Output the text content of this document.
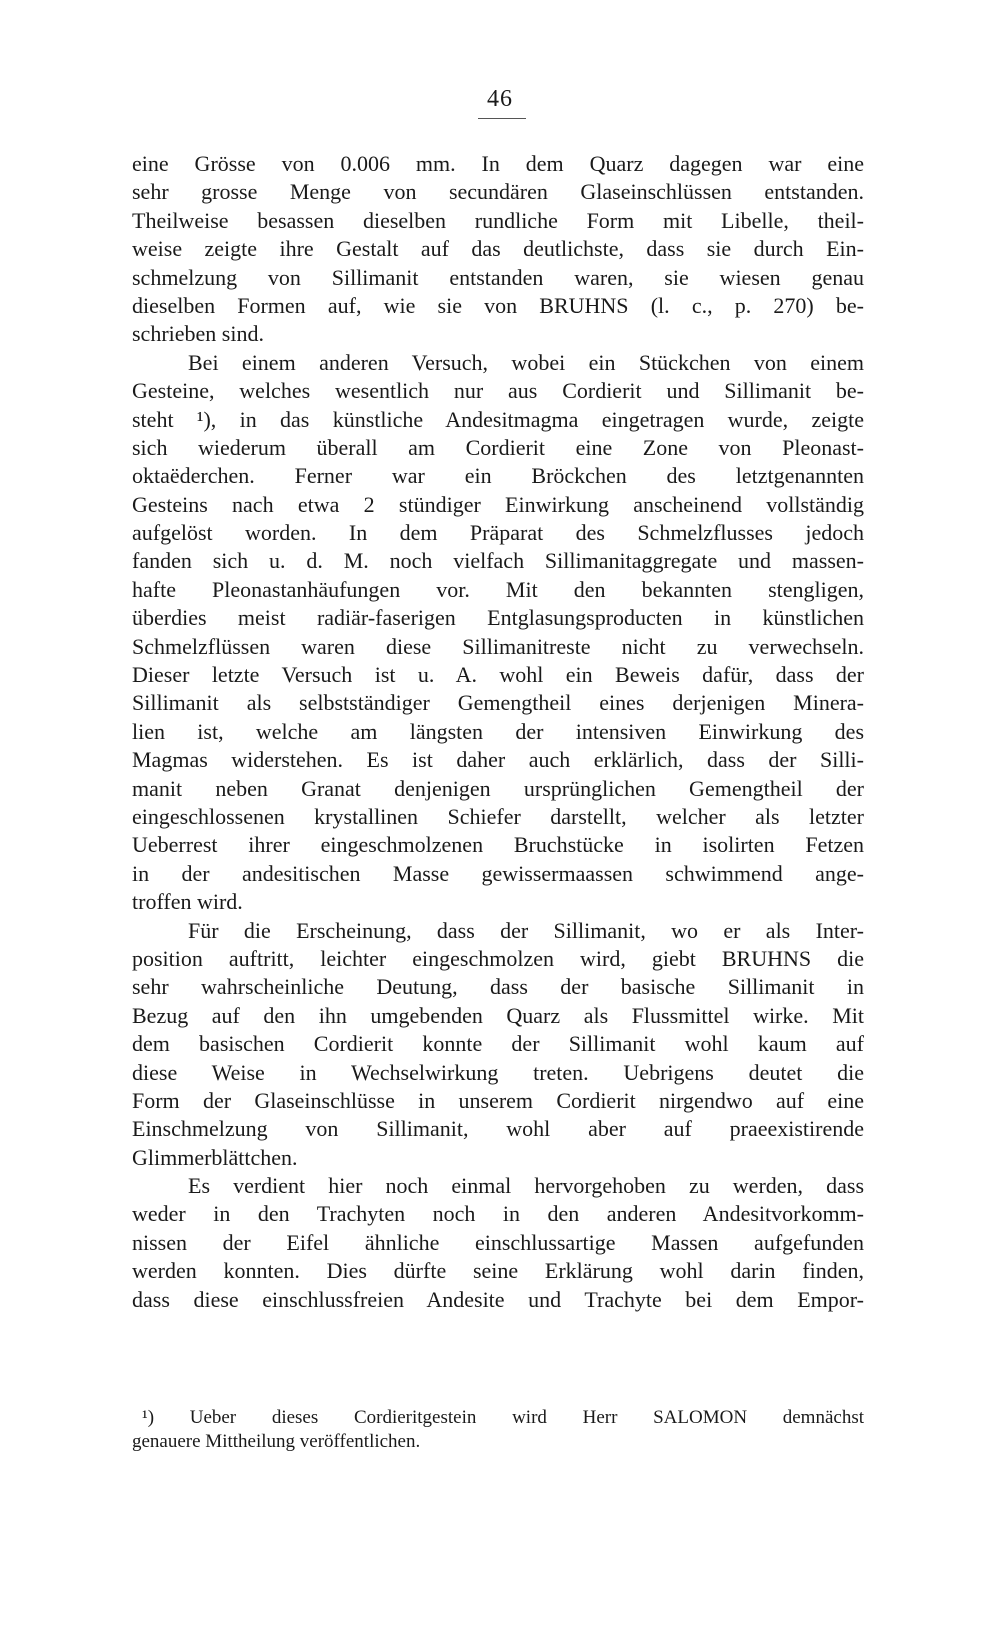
46
eine Grösse von 0.006 mm. In dem Quarz dagegen war eine
sehr grosse Menge von secundären Glaseinschlüssen entstanden.
Theilweise besassen dieselben rundliche Form mit Libelle, theil-
weise zeigte ihre Gestalt auf das deutlichste, dass sie durch Ein-
schmelzung von Sillimanit entstanden waren, sie wiesen genau
dieselben Formen auf, wie sie von BRUHNS (l. c., p. 270) be-
schrieben sind.
Bei einem anderen Versuch, wobei ein Stückchen von einem
Gesteine, welches wesentlich nur aus Cordierit und Sillimanit be-
steht ¹), in das künstliche Andesitmagma eingetragen wurde, zeigte
sich wiederum überall am Cordierit eine Zone von Pleonast-
oktaëderchen. Ferner war ein Bröckchen des letztgenannten
Gesteins nach etwa 2 stündiger Einwirkung anscheinend vollständig
aufgelöst worden. In dem Präparat des Schmelzflusses jedoch
fanden sich u. d. M. noch vielfach Sillimanitaggregate und massen-
hafte Pleonastanhäufungen vor. Mit den bekannten stengligen,
überdies meist radiär-faserigen Entglasungsproducten in künstlichen
Schmelzflüssen waren diese Sillimanitreste nicht zu verwechseln.
Dieser letzte Versuch ist u. A. wohl ein Beweis dafür, dass der
Sillimanit als selbstständiger Gemengtheil eines derjenigen Minera-
lien ist, welche am längsten der intensiven Einwirkung des
Magmas widerstehen. Es ist daher auch erklärlich, dass der Silli-
manit neben Granat denjenigen ursprünglichen Gemengtheil der
eingeschlossenen krystallinen Schiefer darstellt, welcher als letzter
Ueberrest ihrer eingeschmolzenen Bruchstücke in isolirten Fetzen
in der andesitischen Masse gewissermaassen schwimmend ange-
troffen wird.
Für die Erscheinung, dass der Sillimanit, wo er als Inter-
position auftritt, leichter eingeschmolzen wird, giebt BRUHNS die
sehr wahrscheinliche Deutung, dass der basische Sillimanit in
Bezug auf den ihn umgebenden Quarz als Flussmittel wirke. Mit
dem basischen Cordierit konnte der Sillimanit wohl kaum auf
diese Weise in Wechselwirkung treten. Uebrigens deutet die
Form der Glaseinschlüsse in unserem Cordierit nirgendwo auf eine
Einschmelzung von Sillimanit, wohl aber auf praeexistirende
Glimmerblättchen.
Es verdient hier noch einmal hervorgehoben zu werden, dass
weder in den Trachyten noch in den anderen Andesitvorkomm-
nissen der Eifel ähnliche einschlussartige Massen aufgefunden
werden konnten. Dies dürfte seine Erklärung wohl darin finden,
dass diese einschlussfreien Andesite und Trachyte bei dem Empor-
¹) Ueber dieses Cordieritgestein wird Herr SALOMON demnächst
genauere Mittheilung veröffentlichen.
